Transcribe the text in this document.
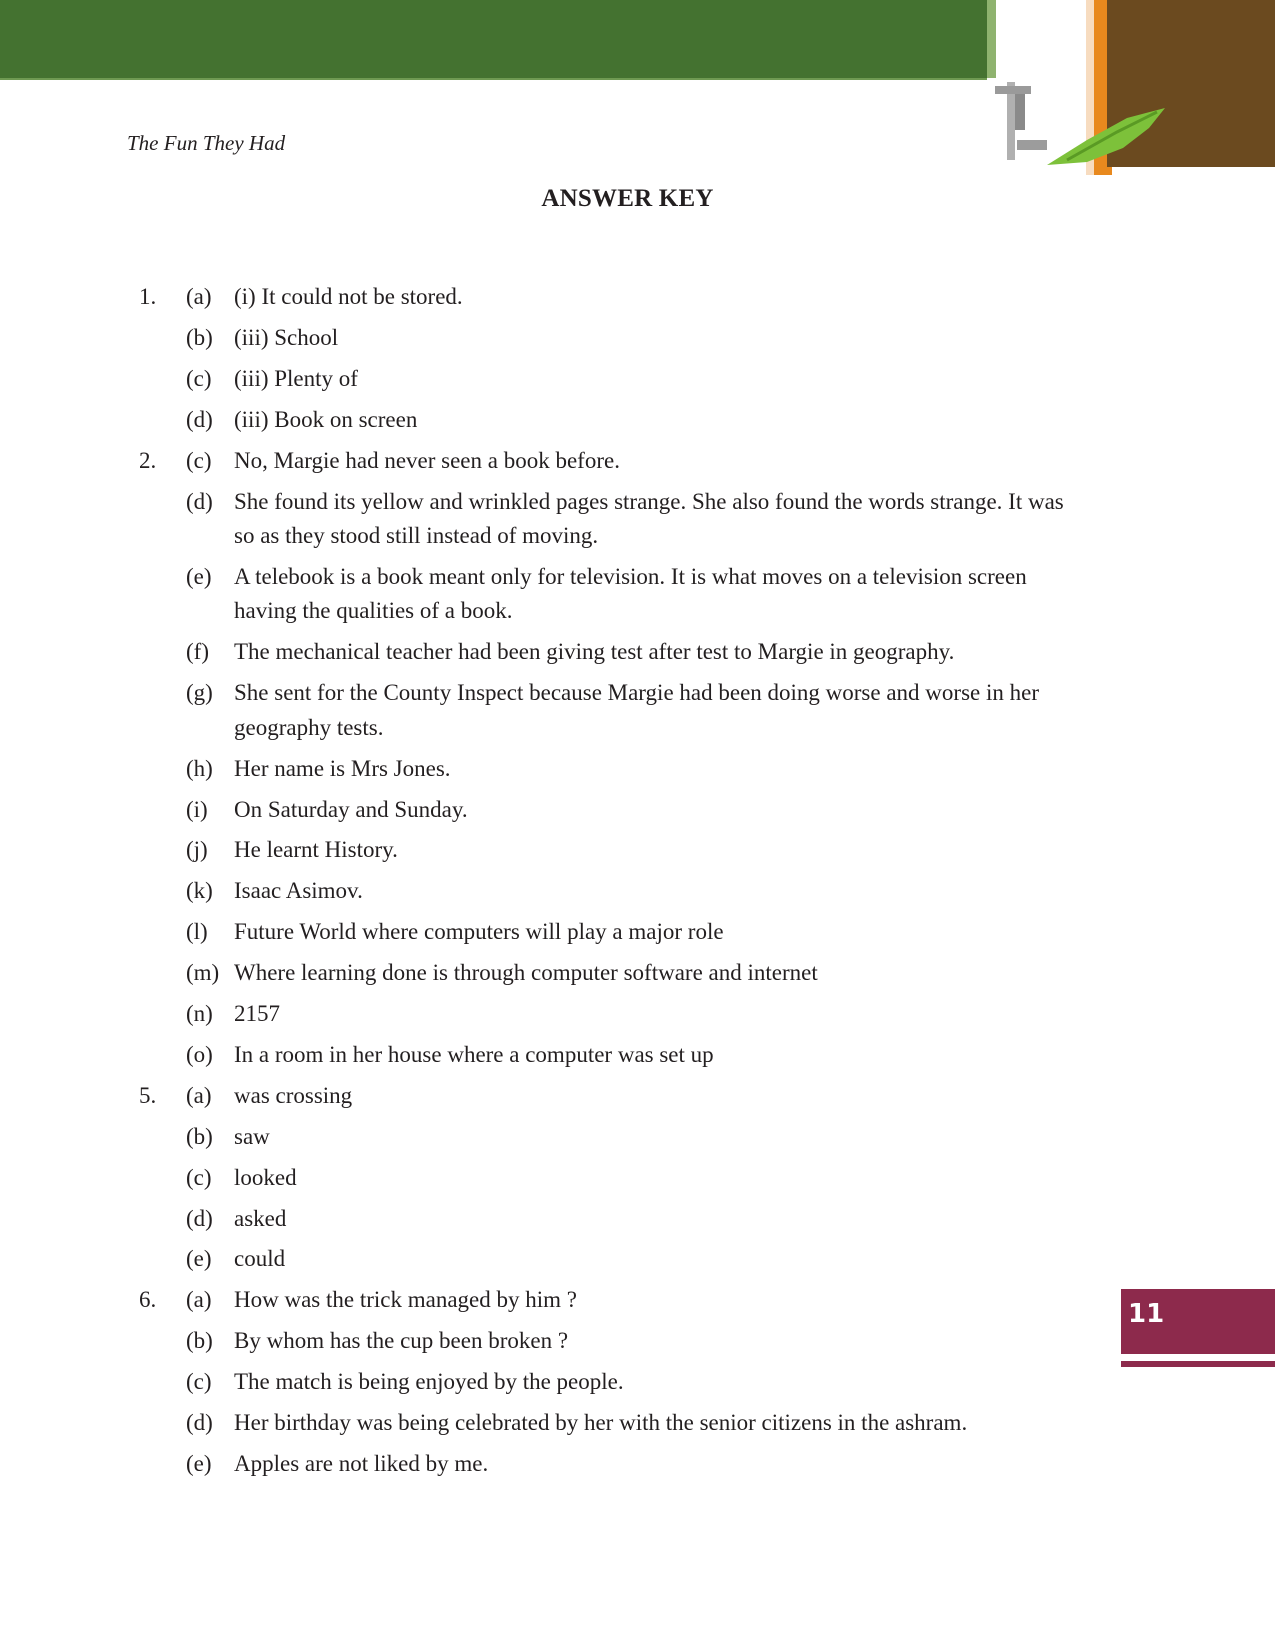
The Fun They Had
ANSWER KEY
1. (a) (i) It could not be stored.
(b) (iii) School
(c) (iii) Plenty of
(d) (iii) Book on screen
2. (c) No, Margie had never seen a book before.
(d) She found its yellow and wrinkled pages strange. She also found the words strange. It was
so as they stood still instead of moving.
(e) A telebook is a book meant only for television. It is what moves on a television screen
having the qualities of a book.
(f) The mechanical teacher had been giving test after test to Margie in geography.
(g) She sent for the County Inspect because Margie had been doing worse and worse in her
geography tests.
(h) Her name is Mrs Jones.
(i) On Saturday and Sunday.
(j) He learnt History.
(k) Isaac Asimov.
(l) Future World where computers will play a major role
(m) Where learning done is through computer software and internet
(n) 2157
(o) In a room in her house where a computer was set up
5. (a) was crossing
(b) saw
(c) looked
(d) asked
(e) could
6. (a) How was the trick managed by him ?
(b) By whom has the cup been broken ?
(c) The match is being enjoyed by the people.
(d) Her birthday was being celebrated by her with the senior citizens in the ashram.
(e) Apples are not liked by me.
11
